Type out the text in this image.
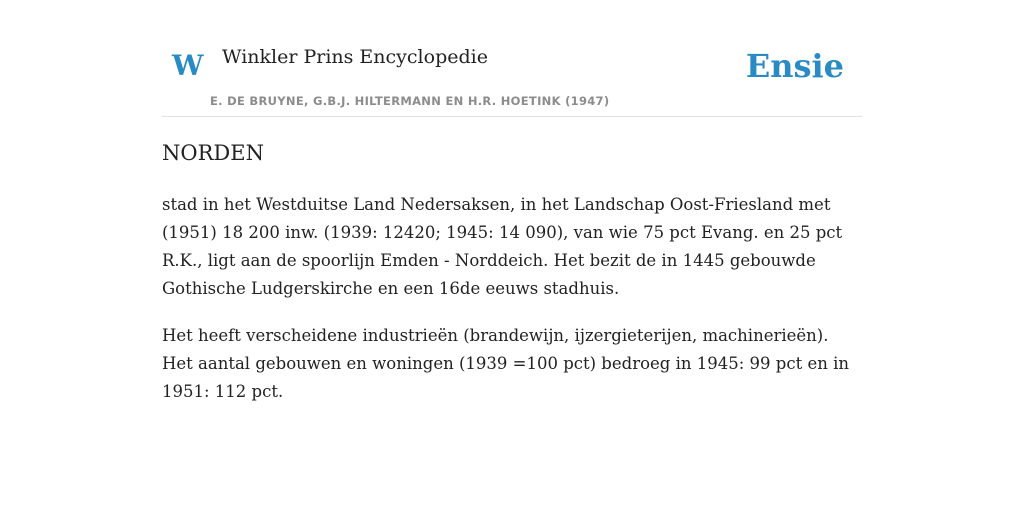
W Winkler Prins Encyclopedie
E. DE BRUYNE, G.B.J. HILTERMANN EN H.R. HOETINK (1947)
Ensie
NORDEN

stad in het Westduitse Land Nedersaksen, in het Landschap Oost-Friesland met (1951) 18 200 inw. (1939: 12420; 1945: 14 090), van wie 75 pct Evang. en 25 pct R.K., ligt aan de spoorlijn Emden - Norddeich. Het bezit de in 1445 gebouwde Gothische Ludgerskirche en een 16de eeuws stadhuis.

Het heeft verscheidene industrieën (brandewijn, ijzergieterijen, machinerieën). Het aantal gebouwen en woningen (1939 =100 pct) bedroeg in 1945: 99 pct en in 1951: 112 pct.
